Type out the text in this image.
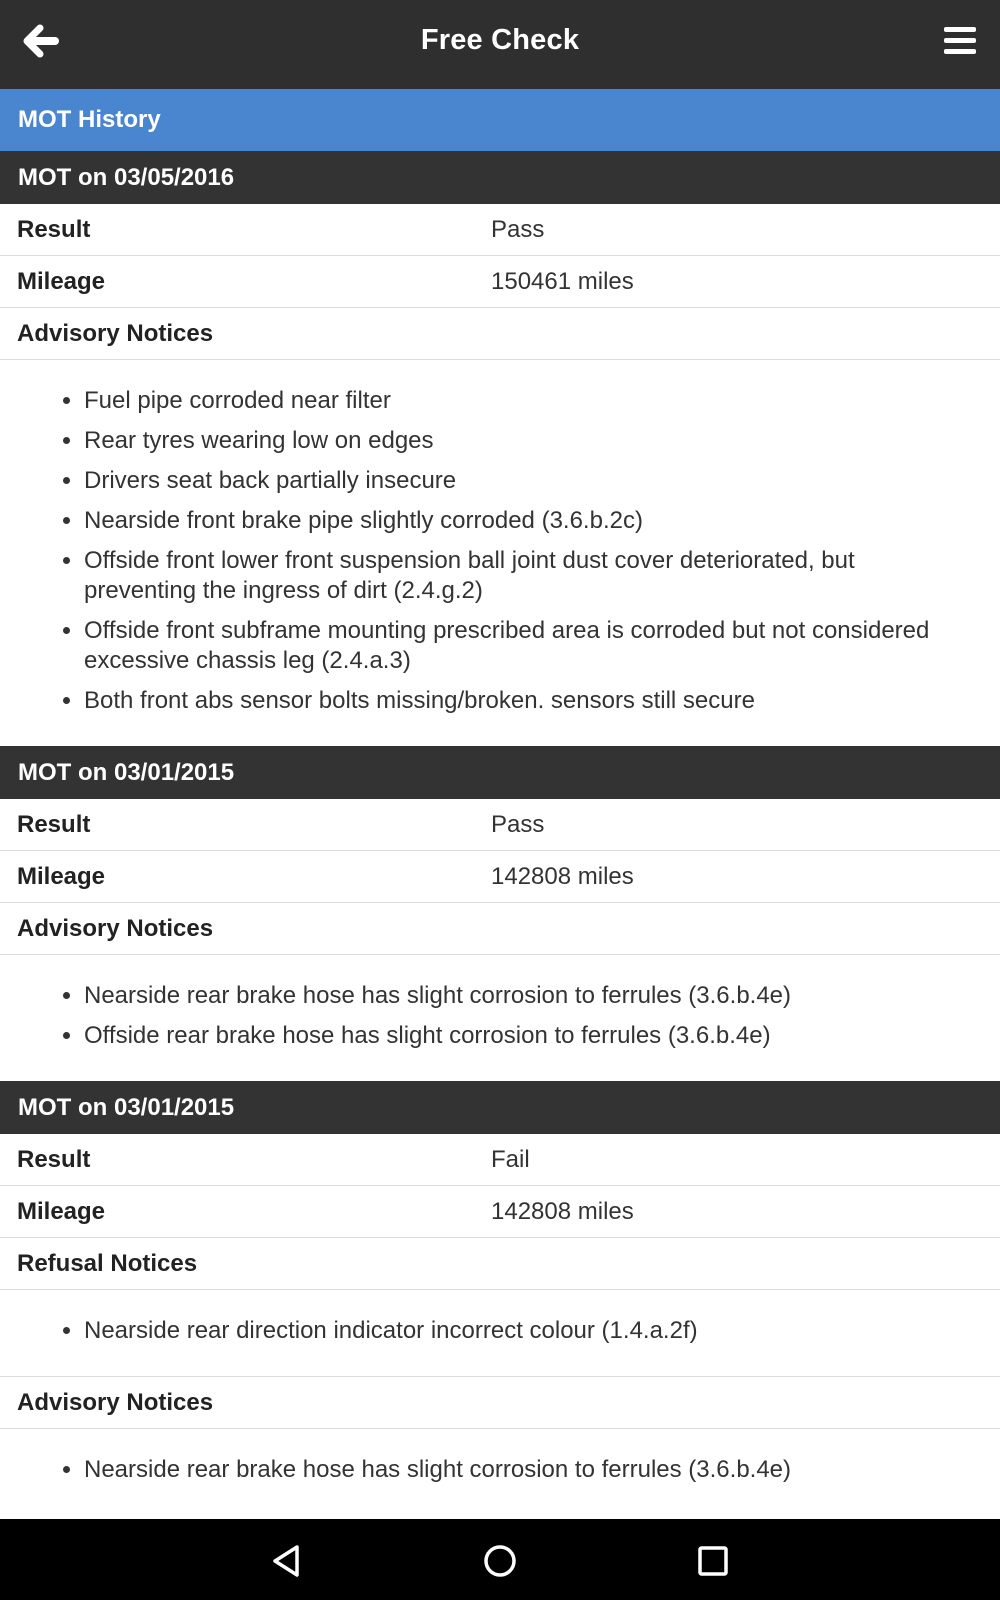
Free Check
MOT History
MOT on 03/05/2016
Result	Pass
Mileage	150461 miles
Advisory Notices
• Fuel pipe corroded near filter
• Rear tyres wearing low on edges
• Drivers seat back partially insecure
• Nearside front brake pipe slightly corroded (3.6.b.2c)
• Offside front lower front suspension ball joint dust cover deteriorated, but preventing the ingress of dirt (2.4.g.2)
• Offside front subframe mounting prescribed area is corroded but not considered excessive chassis leg (2.4.a.3)
• Both front abs sensor bolts missing/broken. sensors still secure
MOT on 03/01/2015
Result	Pass
Mileage	142808 miles
Advisory Notices
• Nearside rear brake hose has slight corrosion to ferrules (3.6.b.4e)
• Offside rear brake hose has slight corrosion to ferrules (3.6.b.4e)
MOT on 03/01/2015
Result	Fail
Mileage	142808 miles
Refusal Notices
• Nearside rear direction indicator incorrect colour (1.4.a.2f)
Advisory Notices
• Nearside rear brake hose has slight corrosion to ferrules (3.6.b.4e)
